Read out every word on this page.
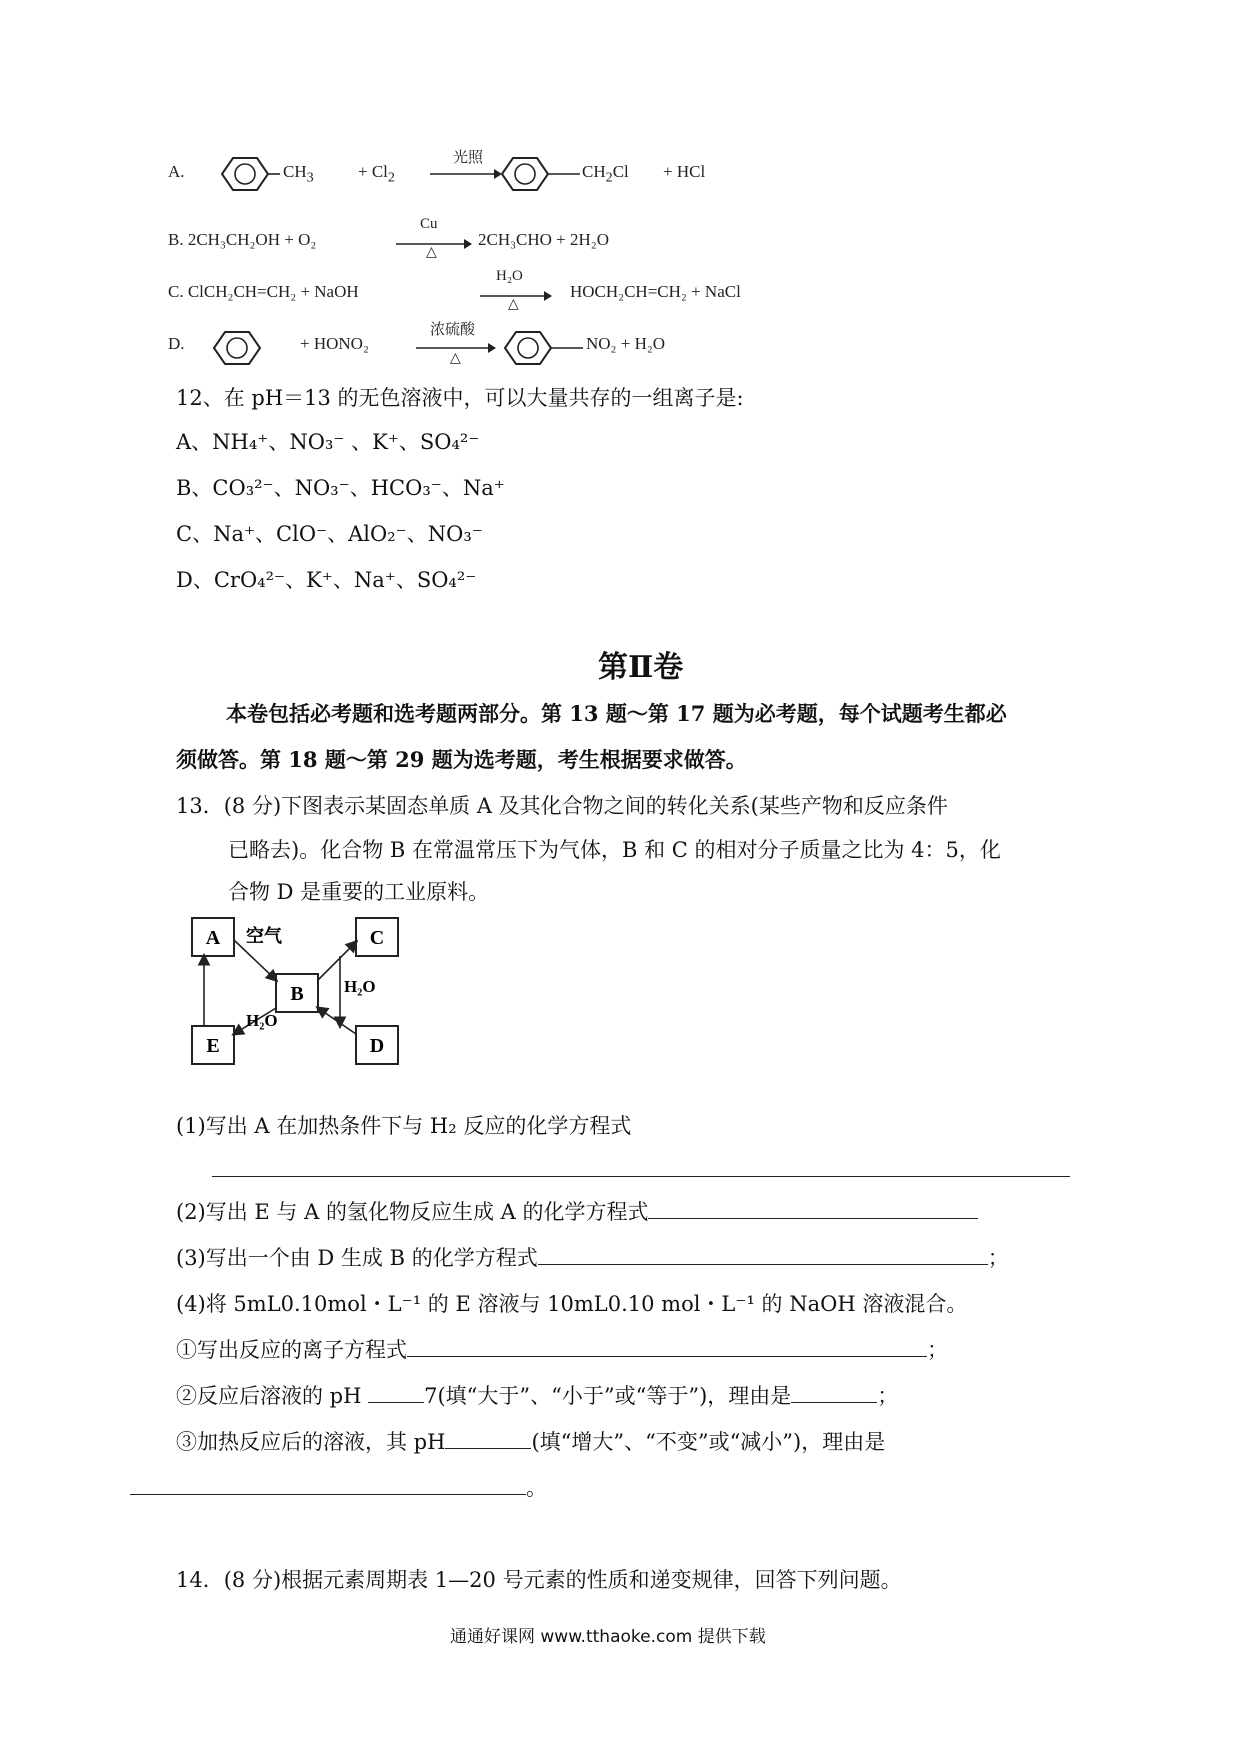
A.	$CH_3$	+ $Cl_2$
光照
$CH_2Cl$ + HCl
B. 2CH₃CH₂OH + O₂
Cu
△
2CH₃CHO + 2H₂O
C. ClCH₂CH=CH₂ + NaOH
H₂O
△
HOCH₂CH=CH₂ + NaCl
D.	+ HONO₂
浓硫酸
△
NO₂ + H₂O
12、在 pH＝13 的无色溶液中，可以大量共存的一组离子是:
A、NH₄⁺、NO₃⁻ 、K⁺、SO₄²⁻
B、CO₃²⁻、NO₃⁻、HCO₃⁻、Na⁺
C、Na⁺、ClO⁻、AlO₂⁻、NO₃⁻
D、CrO₄²⁻、K⁺、Na⁺、SO₄²⁻
第Ⅱ卷
本卷包括必考题和选考题两部分。第 13 题～第 17 题为必考题，每个试题考生都必
须做答。第 18 题～第 29 题为选考题，考生根据要求做答。
13．(8 分)下图表示某固态单质 A 及其化合物之间的转化关系(某些产物和反应条件
已略去)。化合物 B 在常温常压下为气体，B 和 C 的相对分子质量之比为 4：5，化
合物 D 是重要的工业原料。
A	C
B
E	D
空气
H₂O
H₂O
(1)写出 A 在加热条件下与 H₂ 反应的化学方程式
(2)写出 E 与 A 的氢化物反应生成 A 的化学方程式
(3)写出一个由 D 生成 B 的化学方程式	；
(4)将 5mL0.10mol・L⁻¹ 的 E 溶液与 10mL0.10 mol・L⁻¹ 的 NaOH 溶液混合。
①写出反应的离子方程式	；
②反应后溶液的 pH	7(填“大于”、“小于”或“等于”)，理由是	；
③加热反应后的溶液，其 pH	(填“增大”、“不变”或“减小”)，理由是
。
14．(8 分)根据元素周期表 1—20 号元素的性质和递变规律，回答下列问题。
通通好课网 www.tthaoke.com 提供下载
